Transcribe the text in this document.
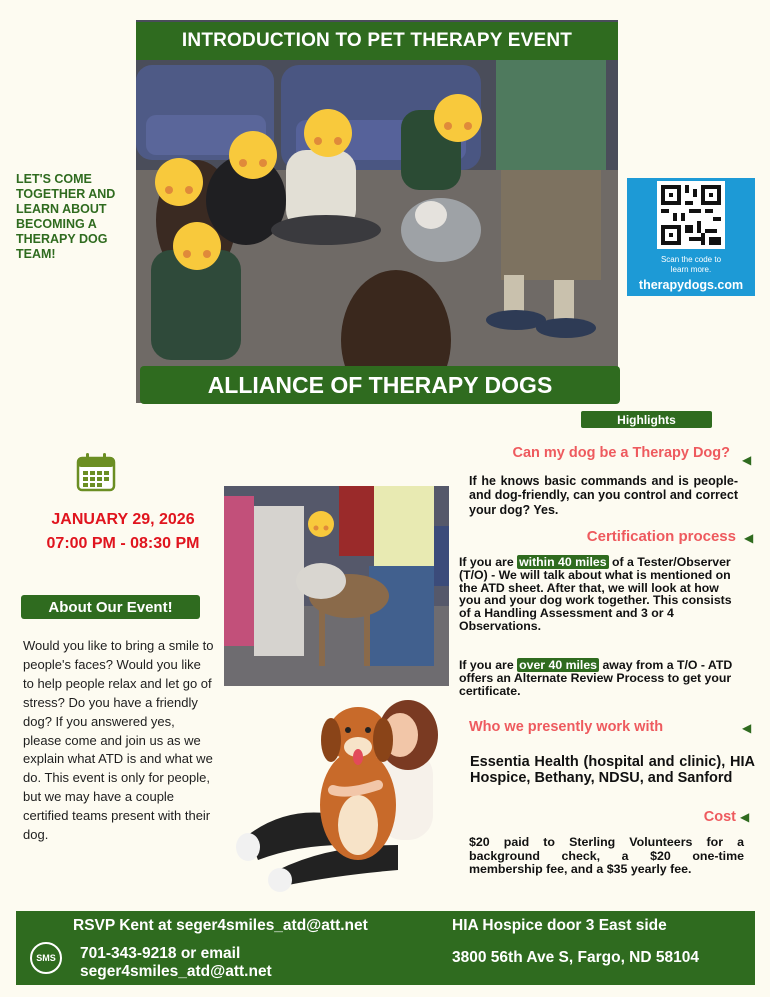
INTRODUCTION TO PET THERAPY EVENT
ALLIANCE OF THERAPY DOGS
LET'S COME TOGETHER AND LEARN ABOUT BECOMING A THERAPY DOG TEAM!	Scan the code to
learn more.
therapydogs.com
JANUARY 29, 2026
07:00 PM - 08:30 PM
About Our Event!
Would you like to bring a smile to people's faces? Would you like to help people relax and let go of stress? Do you have a friendly dog? If you answered yes, please come and join us as we explain what ATD is and what we do. This event is only for people, but we may have a couple certified teams present with their dog.
Highlights
Can my dog be a Therapy Dog? ◀
If he knows basic commands and is people- and dog-friendly, can you control and correct your dog? Yes.
Certification process ◀
If you are within 40 miles of a Tester/Observer (T/O) - We will talk about what is mentioned on the ATD sheet. After that, we will look at how you and your dog work together. This consists of a Handling Assessment and 3 or 4 Observations.
If you are over 40 miles away from a T/O - ATD offers an Alternate Review Process to get your certificate.
Who we presently work with	◀
Essentia Health (hospital and clinic), HIA Hospice, Bethany, NDSU, and Sanford
Cost ◀
$20 paid to Sterling Volunteers for a background check, a $20 one-time membership fee, and a $35 yearly fee.
RSVP Kent at seger4smiles_atd@att.net
SMS	701-343-9218 or email
seger4smiles_atd@att.net
HIA Hospice door 3 East side
3800 56th Ave S, Fargo, ND 58104
